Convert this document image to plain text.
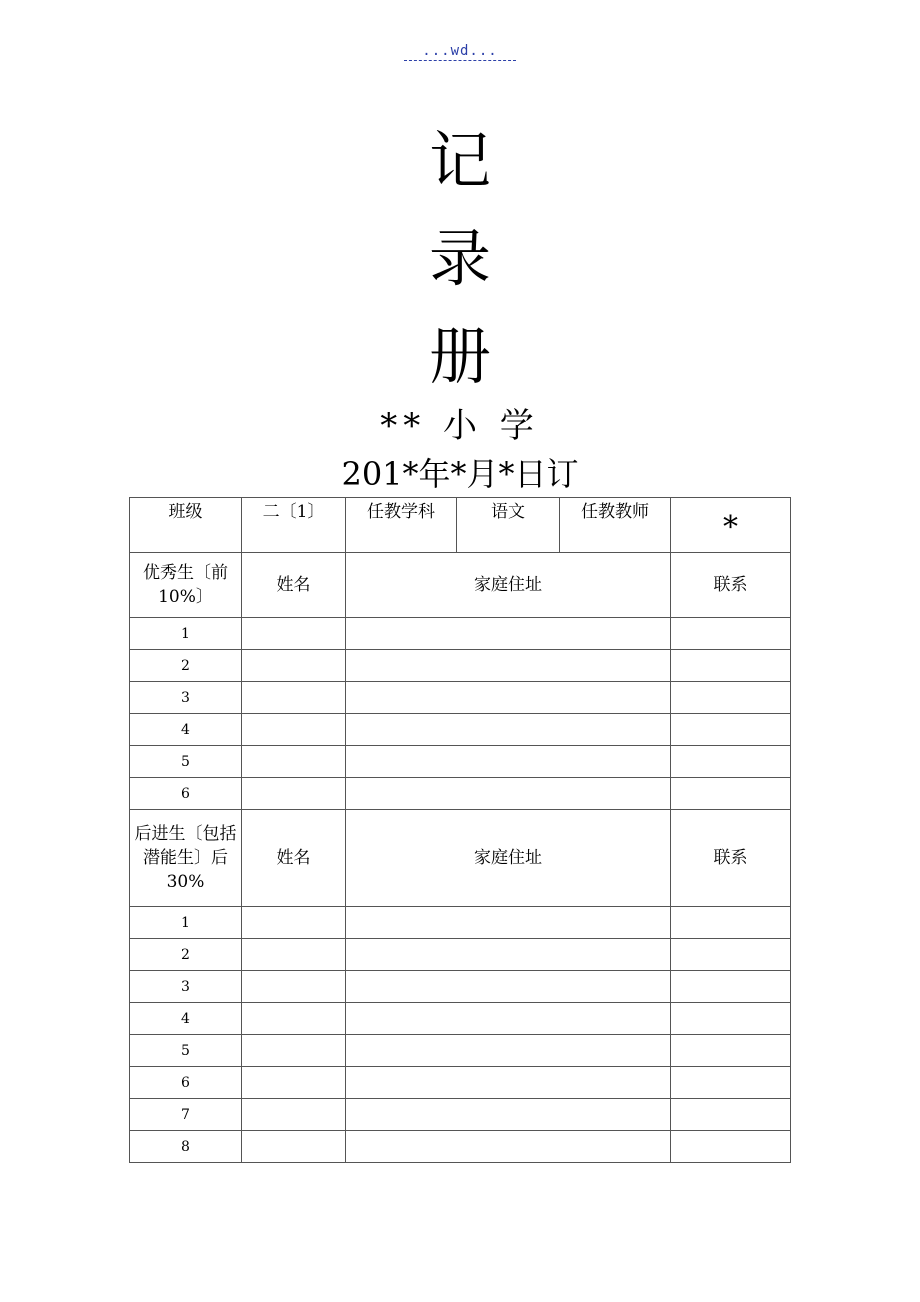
...wd...
记
录
册
** 小 学
201*年*月*日订
班级	二〔1〕	任教学科	语文	任教教师	*
优秀生〔前10%〕	姓名	家庭住址			联系
1					
2					
3					
4					
5					
6					
后进生〔包括潜能生〕后30%	姓名	家庭住址			联系
1					
2					
3					
4					
5					
6					
7					
8					
